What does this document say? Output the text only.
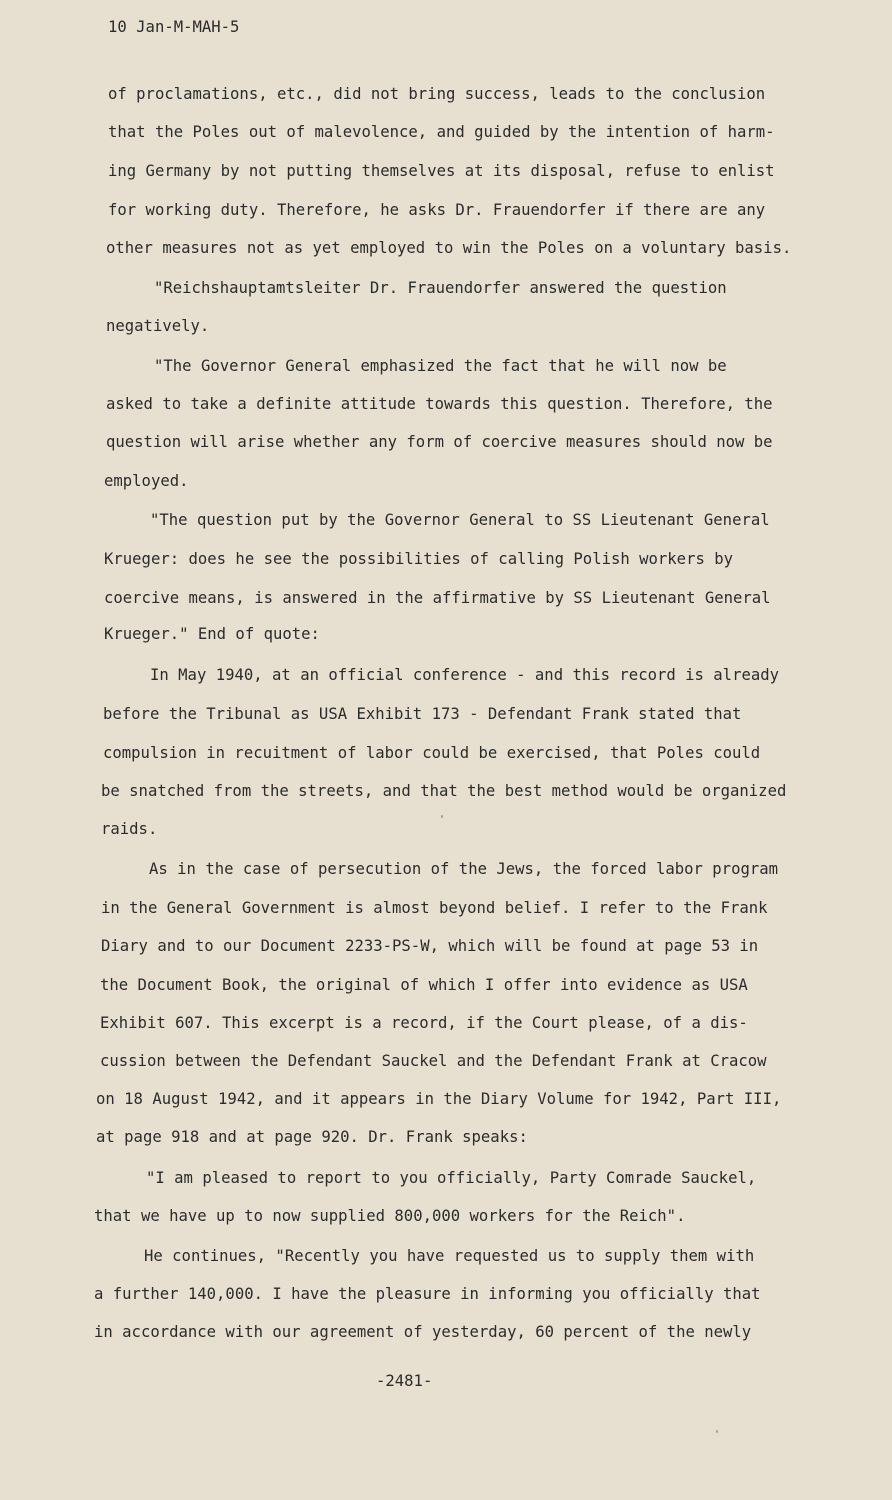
10 Jan-M-MAH-5
of proclamations, etc., did not bring success, leads to the conclusion
that the Poles out of malevolence, and guided by the intention of harm-
ing Germany by not putting themselves at its disposal, refuse to enlist
for working duty. Therefore, he asks Dr. Frauendorfer if there are any
other measures not as yet employed to win the Poles on a voluntary basis.
"Reichshauptamtsleiter Dr. Frauendorfer answered the question
negatively.
"The Governor General emphasized the fact that he will now be
asked to take a definite attitude towards this question. Therefore, the
question will arise whether any form of coercive measures should now be
employed.
"The question put by the Governor General to SS Lieutenant General
Krueger: does he see the possibilities of calling Polish workers by
coercive means, is answered in the affirmative by SS Lieutenant General
Krueger." End of quote:
In May 1940, at an official conference - and this record is already
before the Tribunal as USA Exhibit 173 - Defendant Frank stated that
compulsion in recuitment of labor could be exercised, that Poles could
be snatched from the streets, and that the best method would be organized
raids.
As in the case of persecution of the Jews, the forced labor program
in the General Government is almost beyond belief. I refer to the Frank
Diary and to our Document 2233-PS-W, which will be found at page 53 in
the Document Book, the original of which I offer into evidence as USA
Exhibit 607. This excerpt is a record, if the Court please, of a dis-
cussion between the Defendant Sauckel and the Defendant Frank at Cracow
on 18 August 1942, and it appears in the Diary Volume for 1942, Part III,
at page 918 and at page 920. Dr. Frank speaks:
"I am pleased to report to you officially, Party Comrade Sauckel,
that we have up to now supplied 800,000 workers for the Reich".
He continues, "Recently you have requested us to supply them with
a further 140,000. I have the pleasure in informing you officially that
in accordance with our agreement of yesterday, 60 percent of the newly
-2481-
